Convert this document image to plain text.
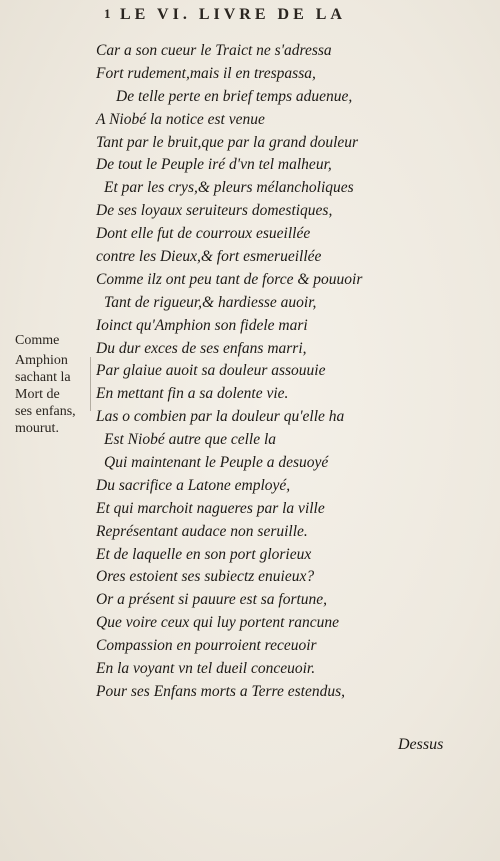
1 LE VI. LIVRE DE LA
Comme
Amphion
sachant la
Mort de
ses enfans,
mourut.
Car a son cueur le Traict ne s'adressa
Fort rudement,mais il en trespassa,
De telle perte en brief temps aduenue,
A Niobé la notice est venue
Tant par le bruit,que par la grand douleur
De tout le Peuple iré d'vn tel malheur,
Et par les crys,& pleurs mélancholiques
De ses loyaux seruiteurs domestiques,
Dont elle fut de courroux esueillée
contre les Dieux,& fort esmerueillée
Comme ilz ont peu tant de force & pouuoir
Tant de rigueur,& hardiesse auoir,
Ioinct qu'Amphion son fidele mari
Du dur exces de ses enfans marri,
Par glaiue auoit sa douleur assouuie
En mettant fin a sa dolente vie.
Las o combien par la douleur qu'elle ha
Est Niobé autre que celle la
Qui maintenant le Peuple a desuoyé
Du sacrifice a Latone employé,
Et qui marchoit nagueres par la ville
Représentant audace non seruille.
Et de laquelle en son port glorieux
Ores estoient ses subiectz enuieux?
Or a présent si pauure est sa fortune,
Que voire ceux qui luy portent rancune
Compassion en pourroient receuoir
En la voyant vn tel dueil conceuoir.
Pour ses Enfans morts a Terre estendus,
Dessus
